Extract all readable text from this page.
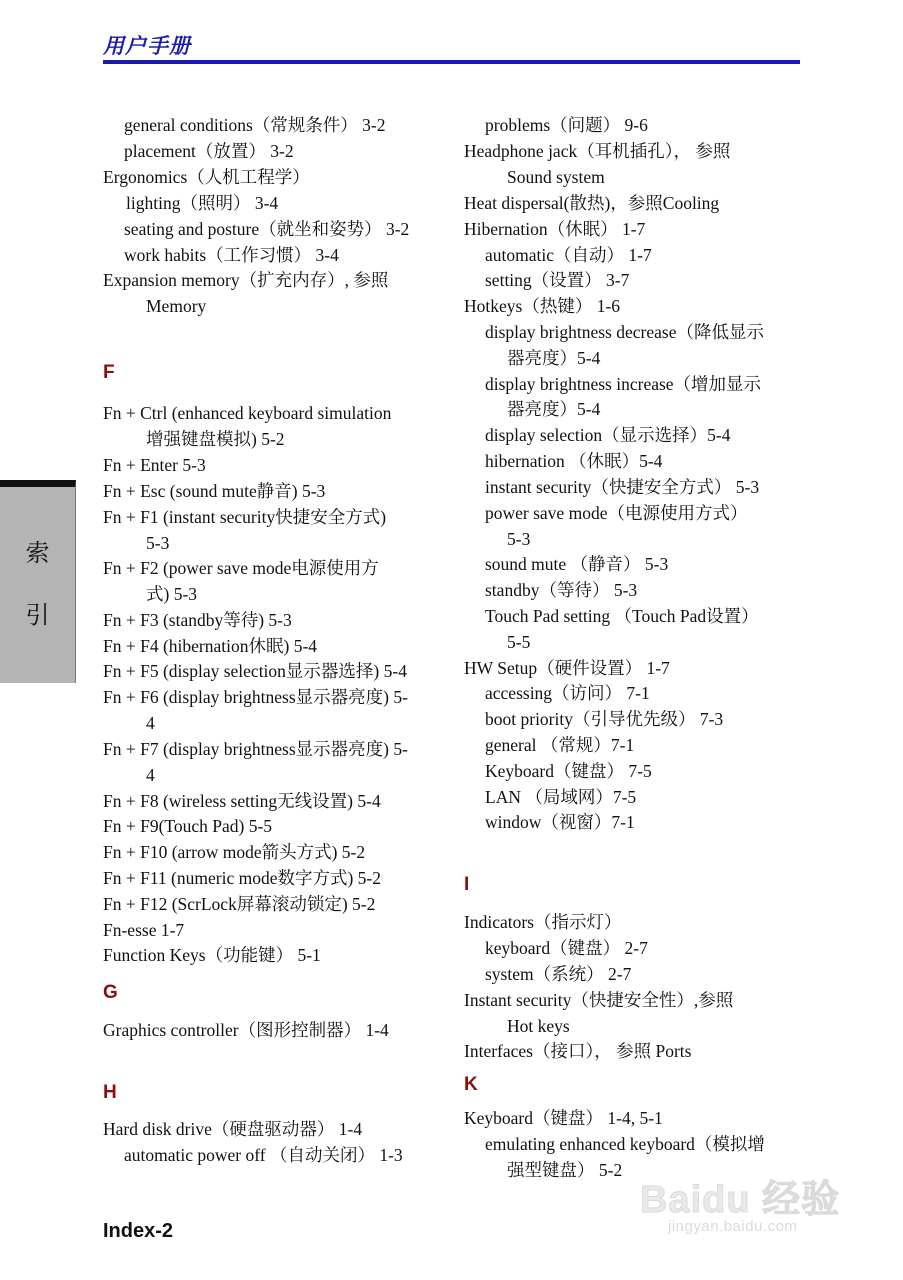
用户手册
索
引
general conditions（常规条件） 3-2
placement（放置） 3-2
Ergonomics（人机工程学）
lighting（照明） 3-4
seating and posture（就坐和姿势） 3-2
work habits（工作习惯） 3-4
Expansion memory（扩充内存）, 参照
Memory
F
Fn + Ctrl (enhanced keyboard simulation
增强键盘模拟) 5-2
Fn + Enter 5-3
Fn + Esc (sound mute静音) 5-3
Fn + F1 (instant security快捷安全方式)
5-3
Fn + F2 (power save mode电源使用方
式) 5-3
Fn + F3 (standby等待) 5-3
Fn + F4 (hibernation休眠) 5-4
Fn + F5 (display selection显示器选择) 5-4
Fn + F6 (display brightness显示器亮度) 5-
4
Fn + F7 (display brightness显示器亮度) 5-
4
Fn + F8 (wireless setting无线设置) 5-4
Fn + F9(Touch Pad) 5-5
Fn + F10 (arrow mode箭头方式) 5-2
Fn + F11 (numeric mode数字方式) 5-2
Fn + F12 (ScrLock屏幕滚动锁定) 5-2
Fn-esse 1-7
Function Keys（功能键） 5-1
G
Graphics controller（图形控制器） 1-4
H
Hard disk drive（硬盘驱动器） 1-4
automatic power off （自动关闭） 1-3
problems（问题） 9-6
Headphone jack（耳机插孔）， 参照
Sound system
Heat dispersal(散热)，参照Cooling
Hibernation（休眠） 1-7
automatic（自动） 1-7
setting（设置） 3-7
Hotkeys（热键） 1-6
display brightness decrease（降低显示
器亮度）5-4
display brightness increase（增加显示
器亮度）5-4
display selection（显示选择）5-4
hibernation （休眠）5-4
instant security（快捷安全方式） 5-3
power save mode（电源使用方式）
5-3
sound mute （静音） 5-3
standby（等待） 5-3
Touch Pad setting （Touch Pad设置）
5-5
HW Setup（硬件设置） 1-7
accessing（访问） 7-1
boot priority（引导优先级） 7-3
general （常规）7-1
Keyboard（键盘） 7-5
LAN （局域网）7-5
window（视窗）7-1
I
Indicators（指示灯）
keyboard（键盘） 2-7
system（系统） 2-7
Instant security（快捷安全性）,参照
Hot keys
Interfaces（接口）， 参照 Ports
K
Keyboard（键盘） 1-4, 5-1
emulating enhanced keyboard（模拟增
强型键盘） 5-2
Index-2
Baidu 经验
jingyan.baidu.com
